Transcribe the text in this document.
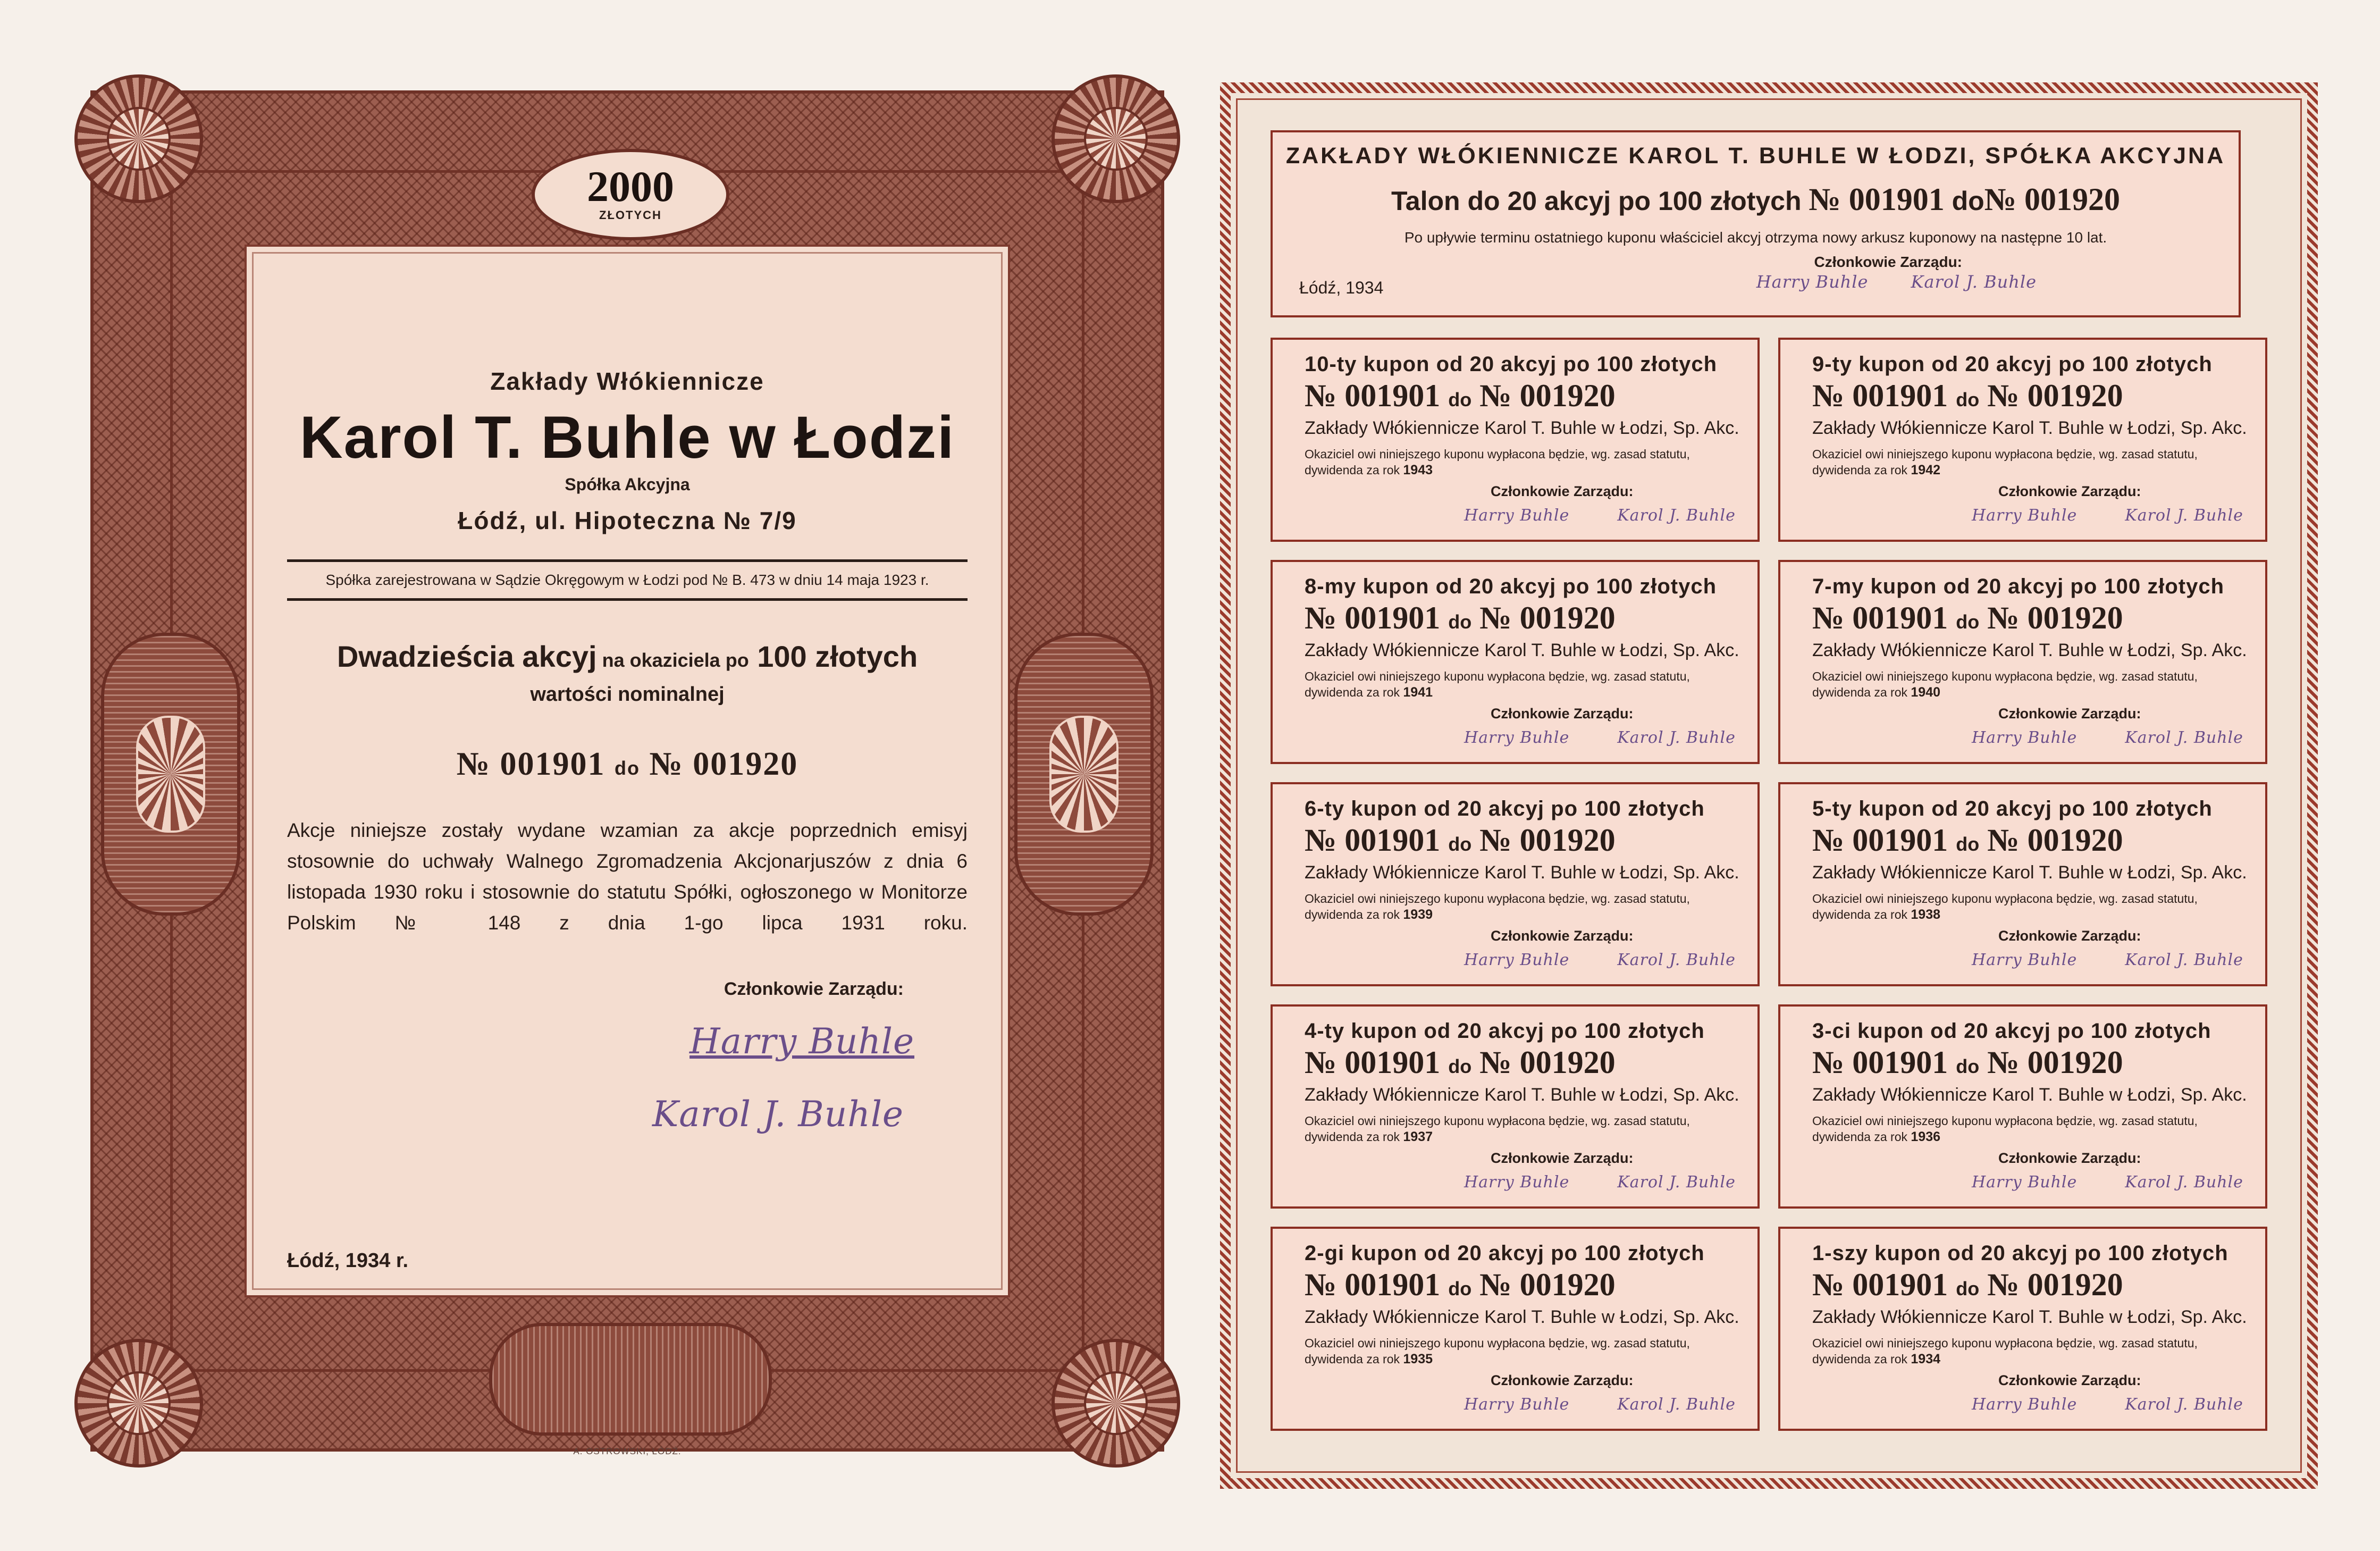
2000
ZŁOTYCH
Zakłady Włókiennicze
Karol T. Buhle w Łodzi
Spółka Akcyjna
Łódź, ul. Hipoteczna № 7/9
Spółka zarejestrowana w Sądzie Okręgowym w Łodzi pod № B. 473 w dniu 14 maja 1923 r.
Dwadzieścia akcyj na okaziciela po 100 złotych
wartości nominalnej
№ 001901 do № 001920
Akcje niniejsze zostały wydane wzamian za akcje poprzednich emisyj stosownie do uchwały Walnego Zgromadzenia Akcjonarjuszów z dnia 6 listopada 1930 roku i stosownie do statutu Spółki, ogłoszonego w Monitorze Polskim № 148 z dnia 1-go lipca 1931 roku.
Członkowie Zarządu:
Harry Buhle
Karol J. Buhle
Łódź, 1934 r.
A. OSTROWSKI, ŁÓDŹ.
ZAKŁADY WŁÓKIENNICZE KAROL T. BUHLE W ŁODZI, SPÓŁKA AKCYJNA
Talon do 20 akcyj po 100 złotych № 001901 do№ 001920
Po upływie terminu ostatniego kuponu właściciel akcyj otrzyma nowy arkusz kuponowy na następne 10 lat.
Członkowie Zarządu:
Łódź, 1934	Harry Buhle	Karol J. Buhle
10-ty kupon od 20 akcyj po 100 złotych
№ 001901 do № 001920
Zakłady Włókiennicze Karol T. Buhle w Łodzi, Sp. Akc.
Okaziciel owi niniejszego kuponu wypłacona będzie, wg. zasad statutu,
dywidenda za rok 1943
Członkowie Zarządu:
Harry Buhle	Karol J. Buhle
9-ty kupon od 20 akcyj po 100 złotych
№ 001901 do № 001920
Zakłady Włókiennicze Karol T. Buhle w Łodzi, Sp. Akc.
Okaziciel owi niniejszego kuponu wypłacona będzie, wg. zasad statutu,
dywidenda za rok 1942
Członkowie Zarządu:
Harry Buhle	Karol J. Buhle
8-my kupon od 20 akcyj po 100 złotych
№ 001901 do № 001920
Zakłady Włókiennicze Karol T. Buhle w Łodzi, Sp. Akc.
Okaziciel owi niniejszego kuponu wypłacona będzie, wg. zasad statutu,
dywidenda za rok 1941
Członkowie Zarządu:
Harry Buhle	Karol J. Buhle
7-my kupon od 20 akcyj po 100 złotych
№ 001901 do № 001920
Zakłady Włókiennicze Karol T. Buhle w Łodzi, Sp. Akc.
Okaziciel owi niniejszego kuponu wypłacona będzie, wg. zasad statutu,
dywidenda za rok 1940
Członkowie Zarządu:
Harry Buhle	Karol J. Buhle
6-ty kupon od 20 akcyj po 100 złotych
№ 001901 do № 001920
Zakłady Włókiennicze Karol T. Buhle w Łodzi, Sp. Akc.
Okaziciel owi niniejszego kuponu wypłacona będzie, wg. zasad statutu,
dywidenda za rok 1939
Członkowie Zarządu:
Harry Buhle	Karol J. Buhle
5-ty kupon od 20 akcyj po 100 złotych
№ 001901 do № 001920
Zakłady Włókiennicze Karol T. Buhle w Łodzi, Sp. Akc.
Okaziciel owi niniejszego kuponu wypłacona będzie, wg. zasad statutu,
dywidenda za rok 1938
Członkowie Zarządu:
Harry Buhle	Karol J. Buhle
4-ty kupon od 20 akcyj po 100 złotych
№ 001901 do № 001920
Zakłady Włókiennicze Karol T. Buhle w Łodzi, Sp. Akc.
Okaziciel owi niniejszego kuponu wypłacona będzie, wg. zasad statutu,
dywidenda za rok 1937
Członkowie Zarządu:
Harry Buhle	Karol J. Buhle
3-ci kupon od 20 akcyj po 100 złotych
№ 001901 do № 001920
Zakłady Włókiennicze Karol T. Buhle w Łodzi, Sp. Akc.
Okaziciel owi niniejszego kuponu wypłacona będzie, wg. zasad statutu,
dywidenda za rok 1936
Członkowie Zarządu:
Harry Buhle	Karol J. Buhle
2-gi kupon od 20 akcyj po 100 złotych
№ 001901 do № 001920
Zakłady Włókiennicze Karol T. Buhle w Łodzi, Sp. Akc.
Okaziciel owi niniejszego kuponu wypłacona będzie, wg. zasad statutu,
dywidenda za rok 1935
Członkowie Zarządu:
Harry Buhle	Karol J. Buhle
1-szy kupon od 20 akcyj po 100 złotych
№ 001901 do № 001920
Zakłady Włókiennicze Karol T. Buhle w Łodzi, Sp. Akc.
Okaziciel owi niniejszego kuponu wypłacona będzie, wg. zasad statutu,
dywidenda za rok 1934
Członkowie Zarządu:
Harry Buhle	Karol J. Buhle
